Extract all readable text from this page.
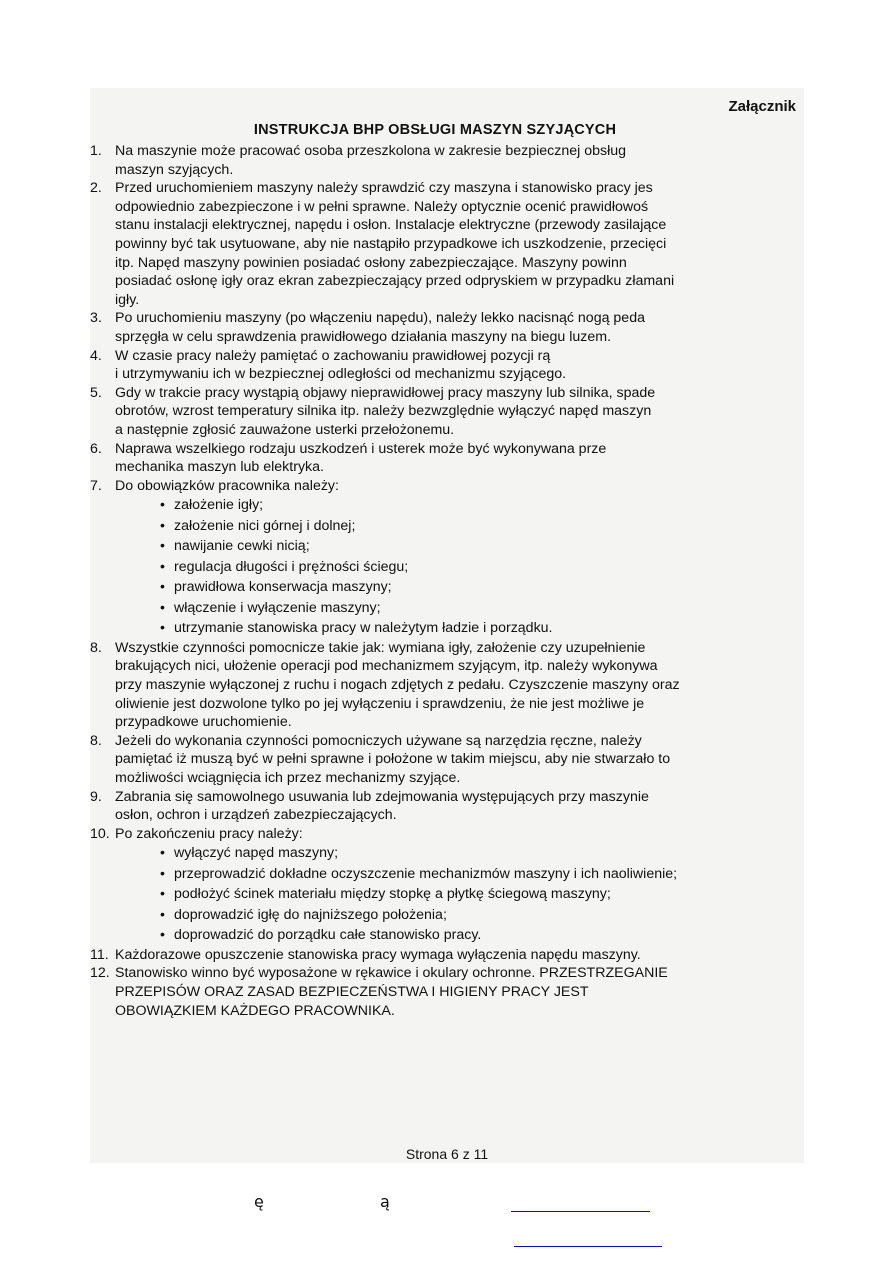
Załącznik
INSTRUKCJA BHP OBSŁUGI MASZYN SZYJĄCYCH
1. Na maszynie może pracować osoba przeszkolona w zakresie bezpiecznej obsług
maszyn szyjących.
2. Przed uruchomieniem maszyny należy sprawdzić czy maszyna i stanowisko pracy jes
odpowiednio zabezpieczone i w pełni sprawne. Należy optycznie ocenić prawidłowoś
stanu instalacji elektrycznej, napędu i osłon. Instalacje elektryczne (przewody zasilające
powinny być tak usytuowane, aby nie nastąpiło przypadkowe ich uszkodzenie, przecięci
itp. Napęd maszyny powinien posiadać osłony zabezpieczające. Maszyny powinn
posiadać osłonę igły oraz ekran zabezpieczający przed odpryskiem w przypadku złamani
igły.
3. Po uruchomieniu maszyny (po włączeniu napędu), należy lekko nacisnąć nogą peda
sprzęgła w celu sprawdzenia prawidłowego działania maszyny na biegu luzem.
4. W czasie pracy należy pamiętać o zachowaniu prawidłowej pozycji rą
i utrzymywaniu ich w bezpiecznej odległości od mechanizmu szyjącego.
5. Gdy w trakcie pracy wystąpią objawy nieprawidłowej pracy maszyny lub silnika, spade
obrotów, wzrost temperatury silnika itp. należy bezwzględnie wyłączyć napęd maszyn
a następnie zgłosić zauważone usterki przełożonemu.
6. Naprawa wszelkiego rodzaju uszkodzeń i usterek może być wykonywana prze
mechanika maszyn lub elektryka.
7. Do obowiązków pracownika należy:
• założenie igły;
• założenie nici górnej i dolnej;
• nawijanie cewki nicią;
• regulacja długości i prężności ściegu;
• prawidłowa konserwacja maszyny;
• włączenie i wyłączenie maszyny;
• utrzymanie stanowiska pracy w należytym ładzie i porządku.
8. Wszystkie czynności pomocnicze takie jak: wymiana igły, założenie czy uzupełnienie
brakujących nici, ułożenie operacji pod mechanizmem szyjącym, itp. należy wykonywa
przy maszynie wyłączonej z ruchu i nogach zdjętych z pedału. Czyszczenie maszyny oraz
oliwienie jest dozwolone tylko po jej wyłączeniu i sprawdzeniu, że nie jest możliwe je
przypadkowe uruchomienie.
8. Jeżeli do wykonania czynności pomocniczych używane są narzędzia ręczne, należy
pamiętać iż muszą być w pełni sprawne i położone w takim miejscu, aby nie stwarzało to
możliwości wciągnięcia ich przez mechanizmy szyjące.
9. Zabrania się samowolnego usuwania lub zdejmowania występujących przy maszynie
osłon, ochron i urządzeń zabezpieczających.
10. Po zakończeniu pracy należy:
• wyłączyć napęd maszyny;
• przeprowadzić dokładne oczyszczenie mechanizmów maszyny i ich naoliwienie;
• podłożyć ścinek materiału między stopkę a płytkę ściegową maszyny;
• doprowadzić igłę do najniższego położenia;
• doprowadzić do porządku całe stanowisko pracy.
11. Każdorazowe opuszczenie stanowiska pracy wymaga wyłączenia napędu maszyny.
12. Stanowisko winno być wyposażone w rękawice i okulary ochronne. PRZESTRZEGANIE
PRZEPISÓW ORAZ ZASAD BEZPIECZEŃSTWA I HIGIENY PRACY JEST
OBOWIĄZKIEM KAŻDEGO PRACOWNIKA.
Strona 6 z 11
ę	ą
